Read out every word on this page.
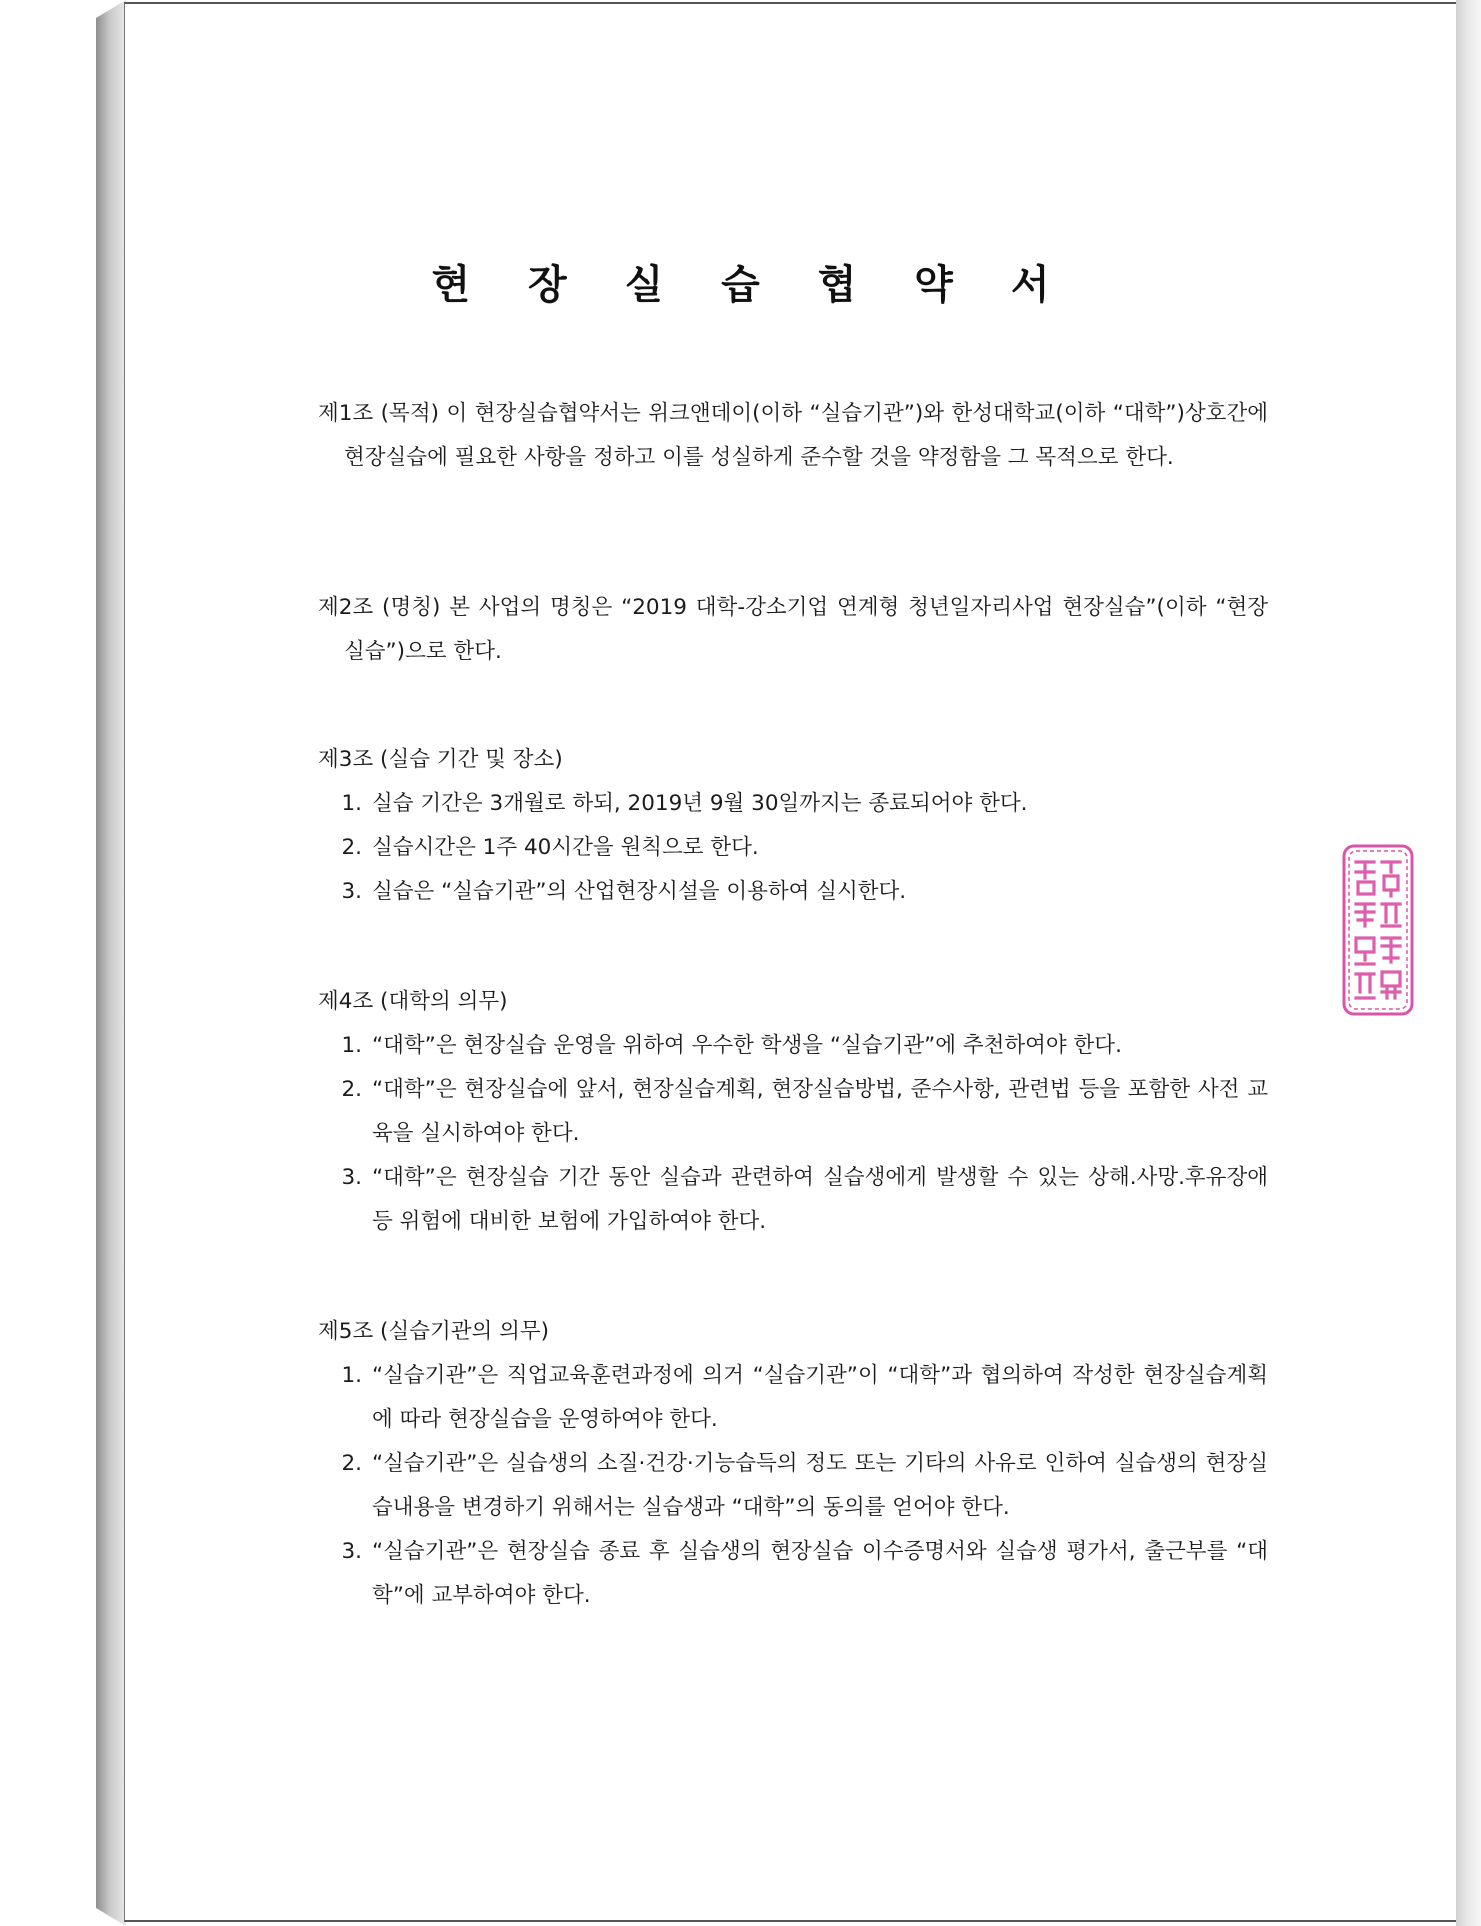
현 장 실 습 협 약 서
제1조 (목적) 이 현장실습협약서는 위크앤데이(이하 “실습기관”)와 한성대학교(이하 “대학”)상호간에 현장실습에 필요한 사항을 정하고 이를 성실하게 준수할 것을 약정함을 그 목적으로 한다.
제2조 (명칭) 본 사업의 명칭은 “2019 대학-강소기업 연계형 청년일자리사업 현장실습”(이하 “현장실습”)으로 한다.
제3조 (실습 기간 및 장소)
1. 실습 기간은 3개월로 하되, 2019년 9월 30일까지는 종료되어야 한다.
2. 실습시간은 1주 40시간을 원칙으로 한다.
3. 실습은 “실습기관”의 산업현장시설을 이용하여 실시한다.
제4조 (대학의 의무)
1. “대학”은 현장실습 운영을 위하여 우수한 학생을 “실습기관”에 추천하여야 한다.
2. “대학”은 현장실습에 앞서, 현장실습계획, 현장실습방법, 준수사항, 관련법 등을 포함한 사전 교육을 실시하여야 한다.
3. “대학”은 현장실습 기간 동안 실습과 관련하여 실습생에게 발생할 수 있는 상해.사망.후유장애 등 위험에 대비한 보험에 가입하여야 한다.
제5조 (실습기관의 의무)
1. “실습기관”은 직업교육훈련과정에 의거 “실습기관”이 “대학”과 협의하여 작성한 현장실습계획에 따라 현장실습을 운영하여야 한다.
2. “실습기관”은 실습생의 소질·건강·기능습득의 정도 또는 기타의 사유로 인하여 실습생의 현장실습내용을 변경하기 위해서는 실습생과 “대학”의 동의를 얻어야 한다.
3. “실습기관”은 현장실습 종료 후 실습생의 현장실습 이수증명서와 실습생 평가서, 출근부를 “대학”에 교부하여야 한다.
